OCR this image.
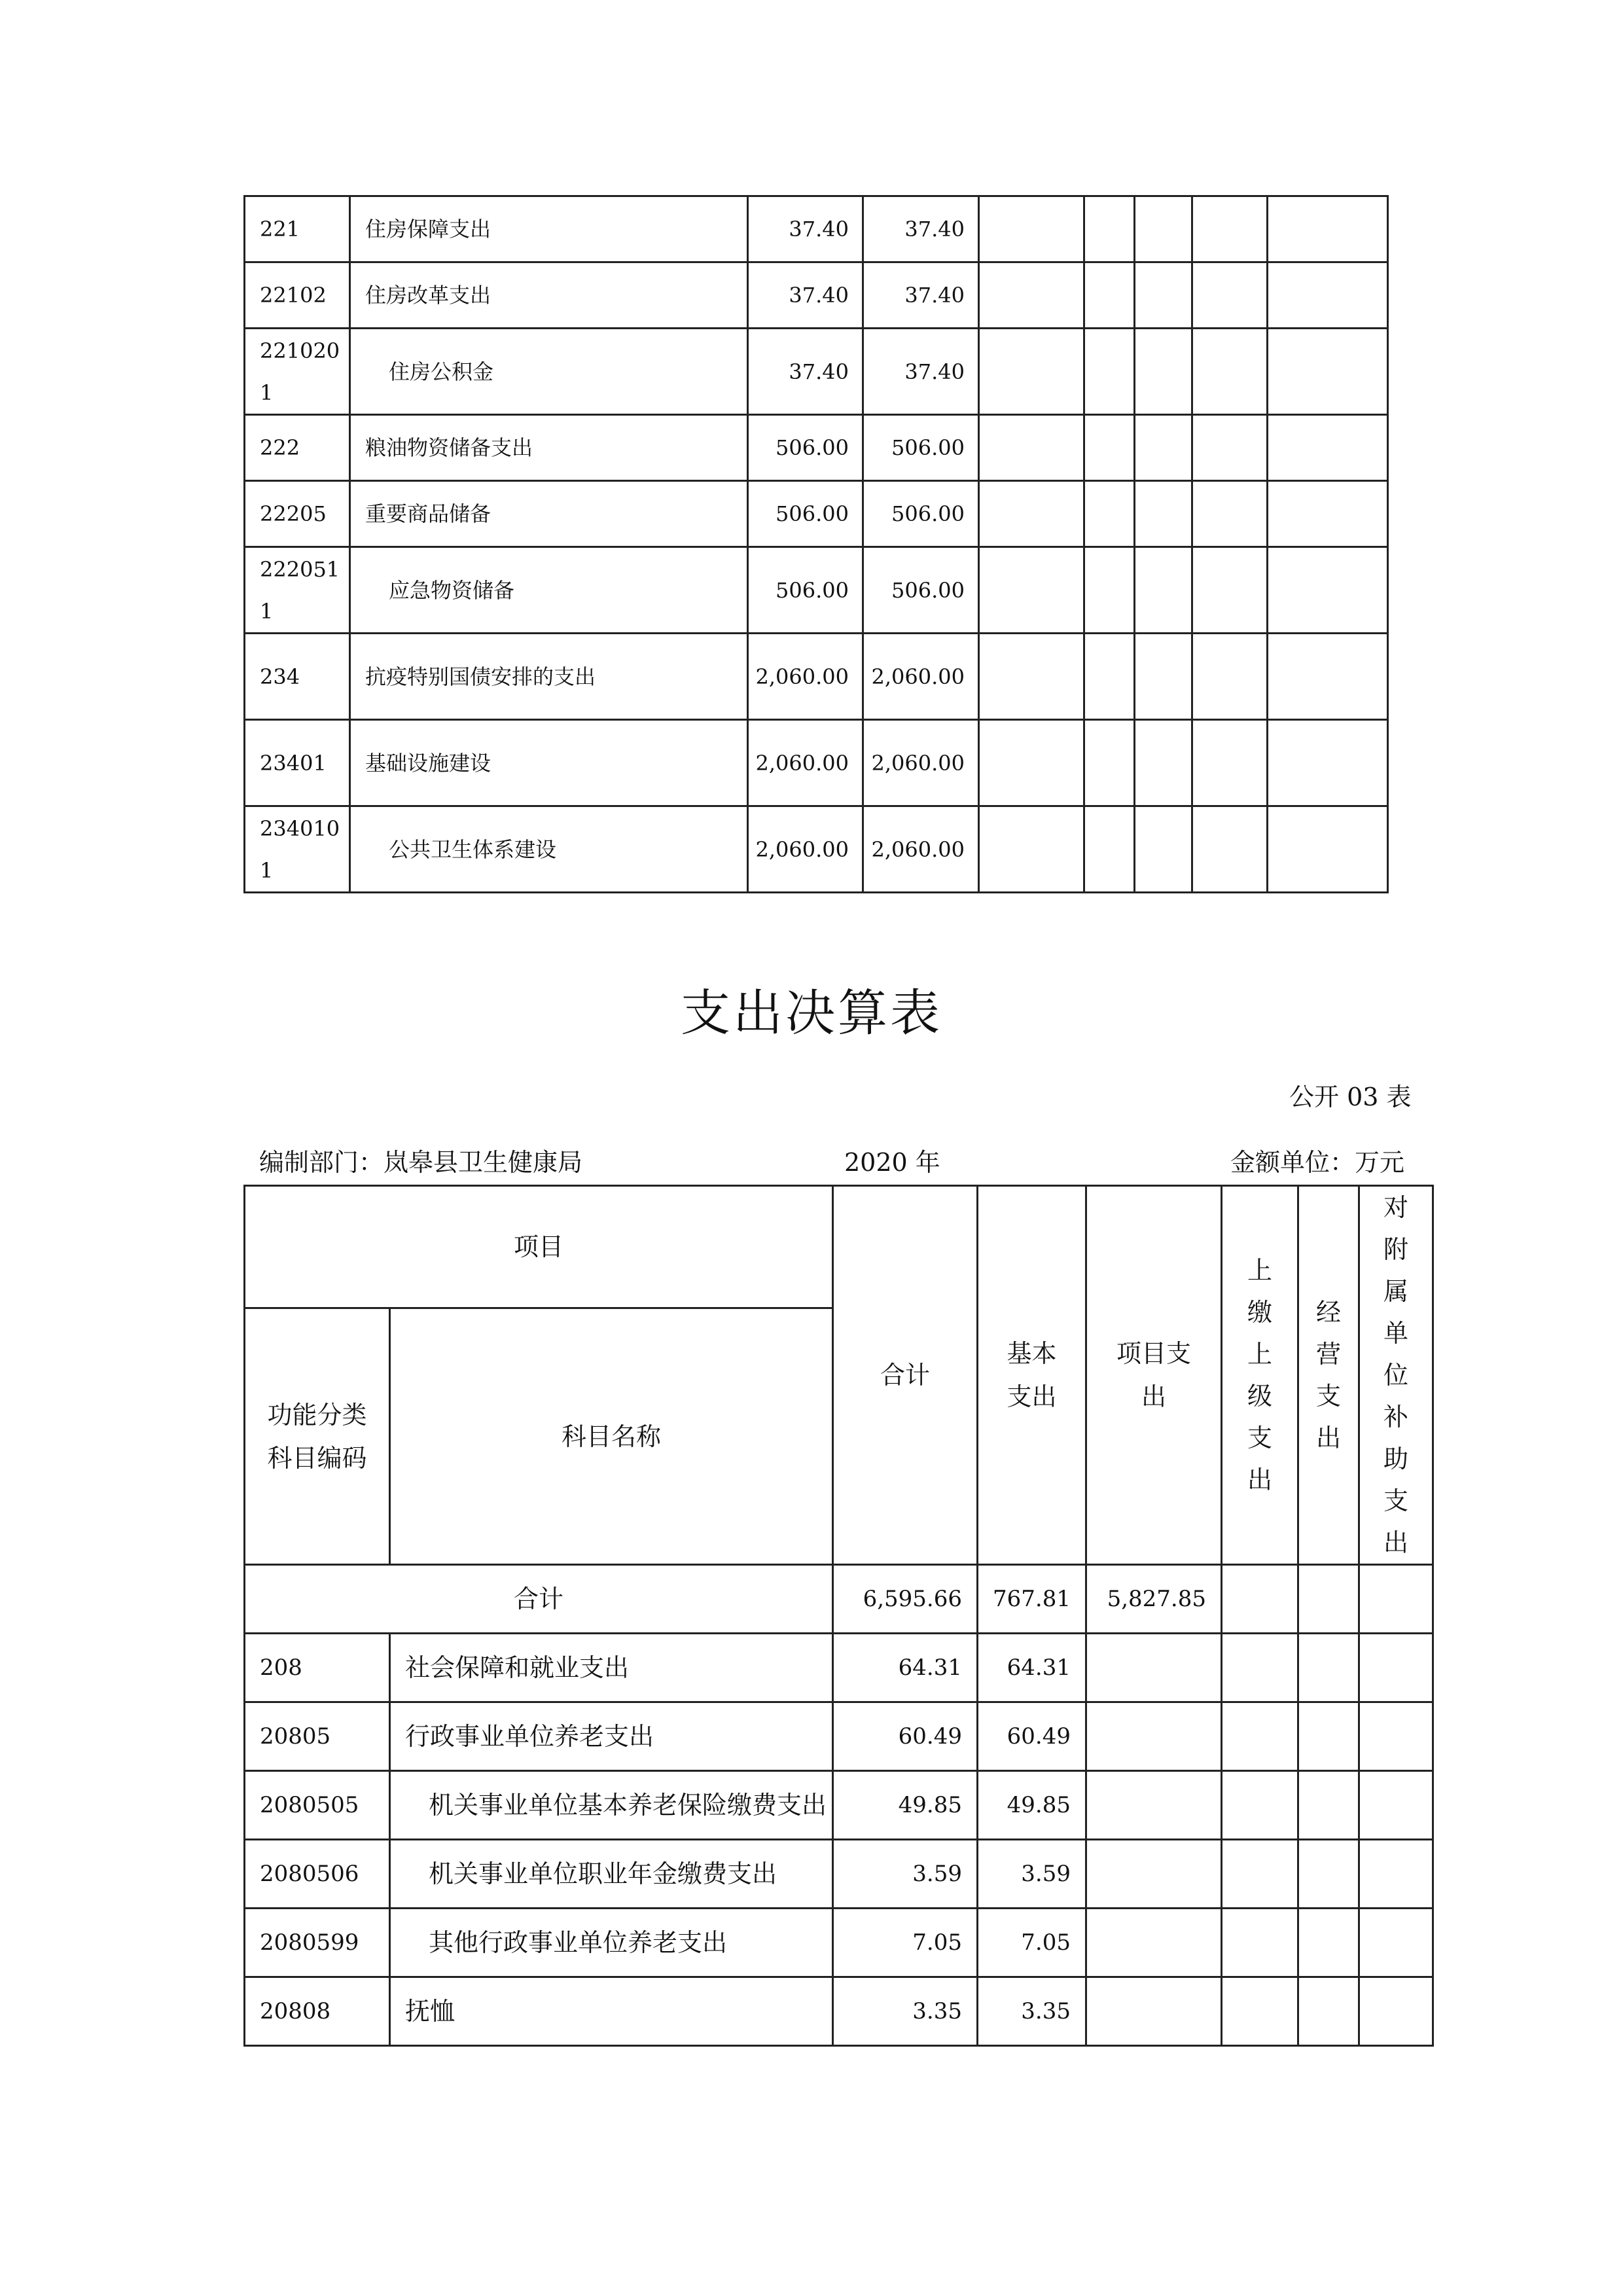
221	住房保障支出	37.40	37.40					
22102	住房改革支出	37.40	37.40					
2210201	住房公积金	37.40	37.40					
222	粮油物资储备支出	506.00	506.00					
22205	重要商品储备	506.00	506.00					
2220511	应急物资储备	506.00	506.00					
234	抗疫特别国债安排的支出	2,060.00	2,060.00					
23401	基础设施建设	2,060.00	2,060.00					
2340101	公共卫生体系建设	2,060.00	2,060.00					
支出决算表
公开 03 表
编制部门：岚皋县卫生健康局	2020 年	金额单位：万元
项目		合计	基本支出	项目支出	上缴上级支出	经营支出	对附属单位补助支出
功能分类科目编码	科目名称						
合计		6,595.66	767.81	5,827.85			
208	社会保障和就业支出	64.31	64.31				
20805	行政事业单位养老支出	60.49	60.49				
2080505	机关事业单位基本养老保险缴费支出	49.85	49.85				
2080506	机关事业单位职业年金缴费支出	3.59	3.59				
2080599	其他行政事业单位养老支出	7.05	7.05				
20808	抚恤	3.35	3.35				
